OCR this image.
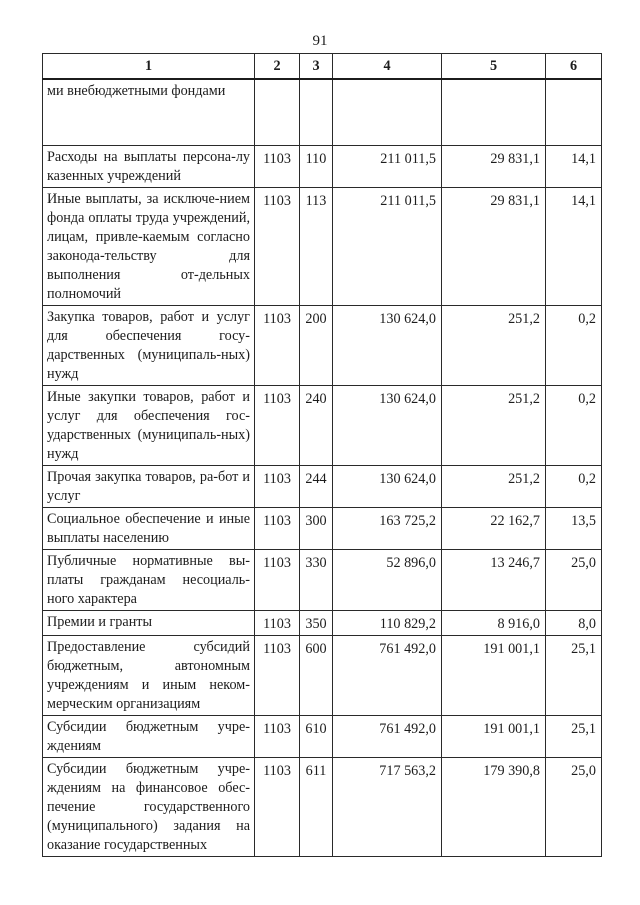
91
1	2	3	4	5	6
ми внебюджетными фондами					
Расходы на выплаты персона-лу казенных учреждений	1103	110	211 011,5	29 831,1	14,1
Иные выплаты, за исключе-нием фонда оплаты труда учреждений, лицам, привле-каемым согласно законода-тельству для выполнения от-дельных полномочий	1103	113	211 011,5	29 831,1	14,1
Закупка товаров, работ и услуг для обеспечения госу-дарственных (муниципаль-ных) нужд	1103	200	130 624,0	251,2	0,2
Иные закупки товаров, работ и услуг для обеспечения гос-ударственных (муниципаль-ных) нужд	1103	240	130 624,0	251,2	0,2
Прочая закупка товаров, ра-бот и услуг	1103	244	130 624,0	251,2	0,2
Социальное обеспечение и иные выплаты населению	1103	300	163 725,2	22 162,7	13,5
Публичные нормативные вы-платы гражданам несоциаль-ного характера	1103	330	52 896,0	13 246,7	25,0
Премии и гранты	1103	350	110 829,2	8 916,0	8,0
Предоставление субсидий бюджетным, автономным учреждениям и иным неком-мерческим организациям	1103	600	761 492,0	191 001,1	25,1
Субсидии бюджетным учре-ждениям	1103	610	761 492,0	191 001,1	25,1
Субсидии бюджетным учре-ждениям на финансовое обес-печение государственного (муниципального) задания на оказание государственных	1103	611	717 563,2	179 390,8	25,0
